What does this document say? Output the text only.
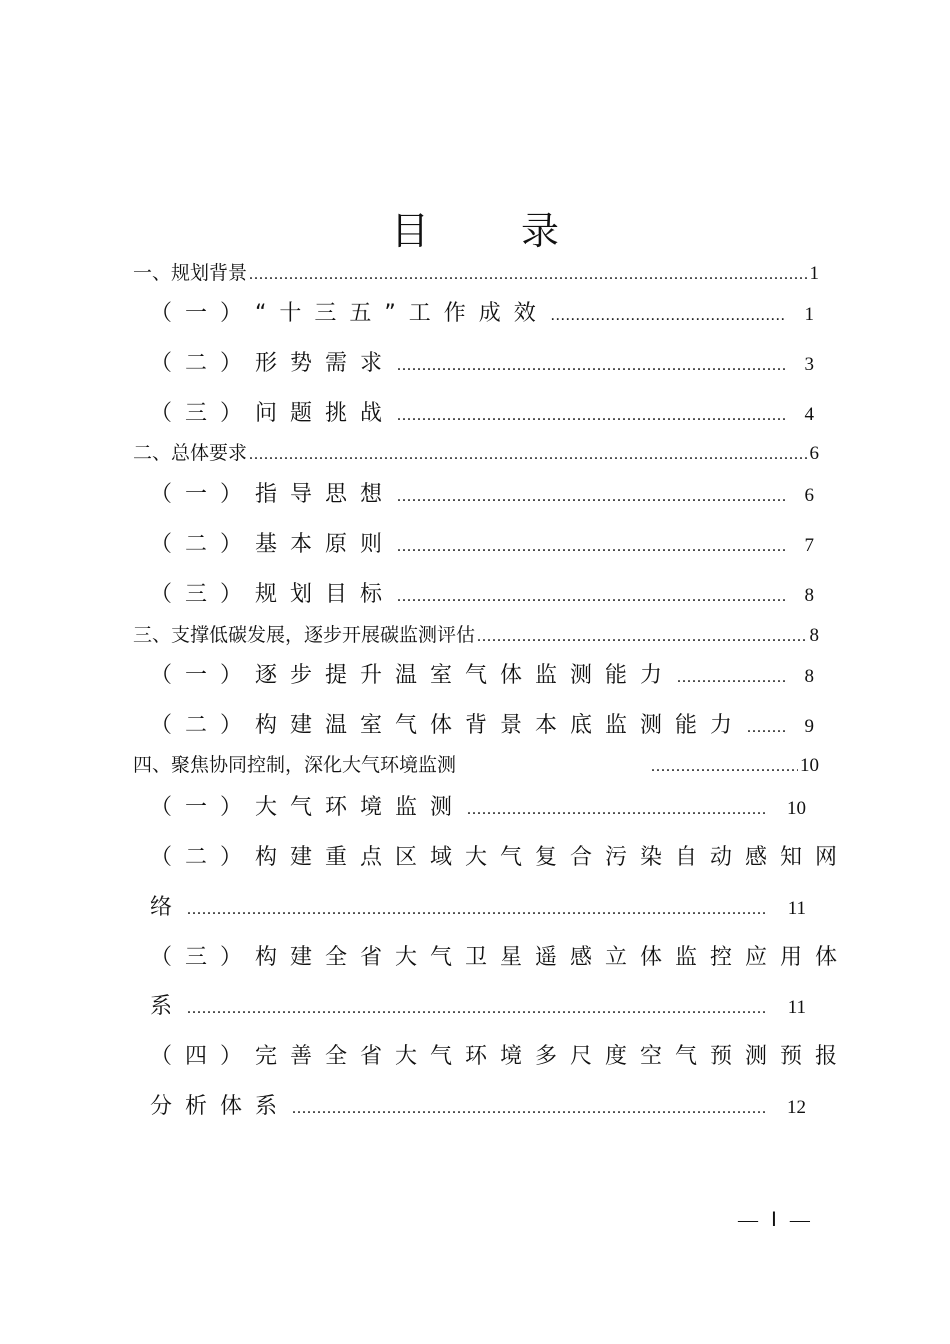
目 录
一、规划背景 .....	1
（一）“十三五”工作成效 .....	1
（二）形势需求 .....	3
（三）问题挑战 .....	4
二、总体要求 .....	6
（一）指导思想 .....	6
（二）基本原则 .....	7
（三）规划目标 .....	8
三、支撑低碳发展，逐步开展碳监测评估 .....	8
（一）逐步提升温室气体监测能力 .....	8
（二）构建温室气体背景本底监测能力 .....	9
四、聚焦协同控制，深化大气环境监测 .....	10
（一）大气环境监测 .....	10
（二）构建重点区域大气复合污染自动感知网
络 .....	11
（三）构建全省大气卫星遥感立体监控应用体
系 .....	11
（四）完善全省大气环境多尺度空气预测预报
分析体系 .....	12
— Ⅰ —
